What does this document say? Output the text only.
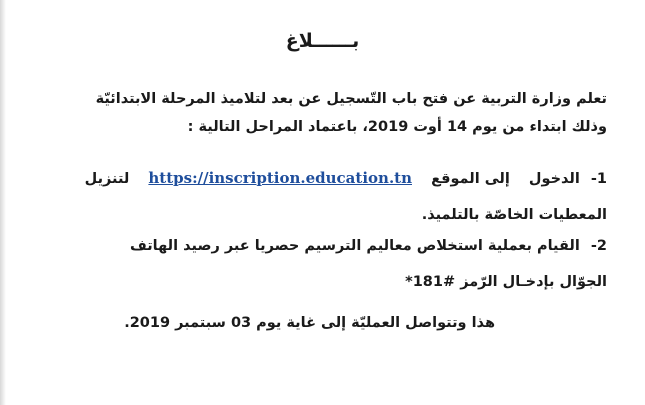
بــــــلاغ
تعلم وزارة التربية عن فتح باب التّسجيل عن بعد لتلاميذ المرحلة الابتدائيّة
وذلك ابتداء من يوم 14 أوت 2019، باعتماد المراحل التالية :
1- الدخول إلى الموقع https://inscription.education.tn لتنزيل
المعطيات الخاصّة بالتلميذ.
2- القيام بعملية استخلاص معاليم الترسيم حصريا عبر رصيد الهاتف
الجوّال بإدخـال الرّمز *181#
هذا وتتواصل العمليّة إلى غاية يوم 03 سبتمبر 2019.
